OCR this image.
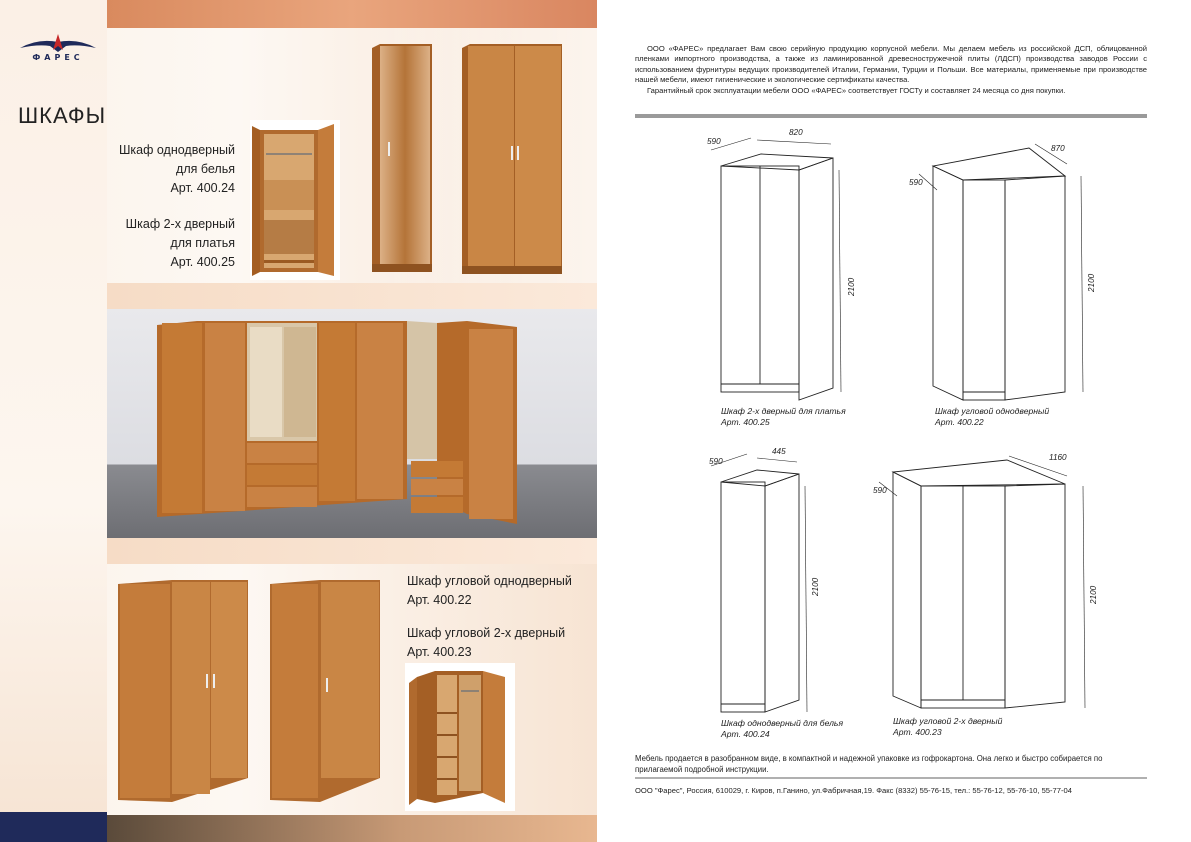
ФАРЕС
ШКАФЫ
Шкаф однодверный
для белья
Арт. 400.24
Шкаф 2-х дверный
для платья
Арт. 400.25
Шкаф угловой однодверный
Арт. 400.22
Шкаф угловой 2-х дверный
Арт. 400.23

ООО «ФАРЕС» предлагает Вам свою серийную продукцию корпусной мебели. Мы делаем мебель из российской ДСП, облицованной пленками импортного производства, а также из ламинированной древесностружечной плиты (ЛДСП) производства заводов России с использованием фурнитуры ведущих производителей Италии, Германии, Турции и Польши. Все материалы, применяемые при производстве нашей мебели, имеют гигиенические и экологические сертификаты качества.

Гарантийный срок эксплуатации мебели ООО «ФАРЕС» соответствует ГОСТу и составляет 24 месяца со дня покупки.

590
820
2100
Шкаф 2-х дверный для платья
Арт. 400.25
590
870
2100
Шкаф угловой однодверный
Арт. 400.22
590
445
2100
Шкаф однодверный для белья
Арт. 400.24
590
1160
2100
Шкаф угловой 2-х дверный
Арт. 400.23
Мебель продается в разобранном виде, в компактной и надежной упаковке из гофрокартона. Она легко и быстро собирается по прилагаемой подробной инструкции.
ООО "Фарес", Россия, 610029, г. Киров, п.Ганино, ул.Фабричная,19. Факс (8332) 55-76-15, тел.: 55-76-12, 55-76-10, 55-77-04
